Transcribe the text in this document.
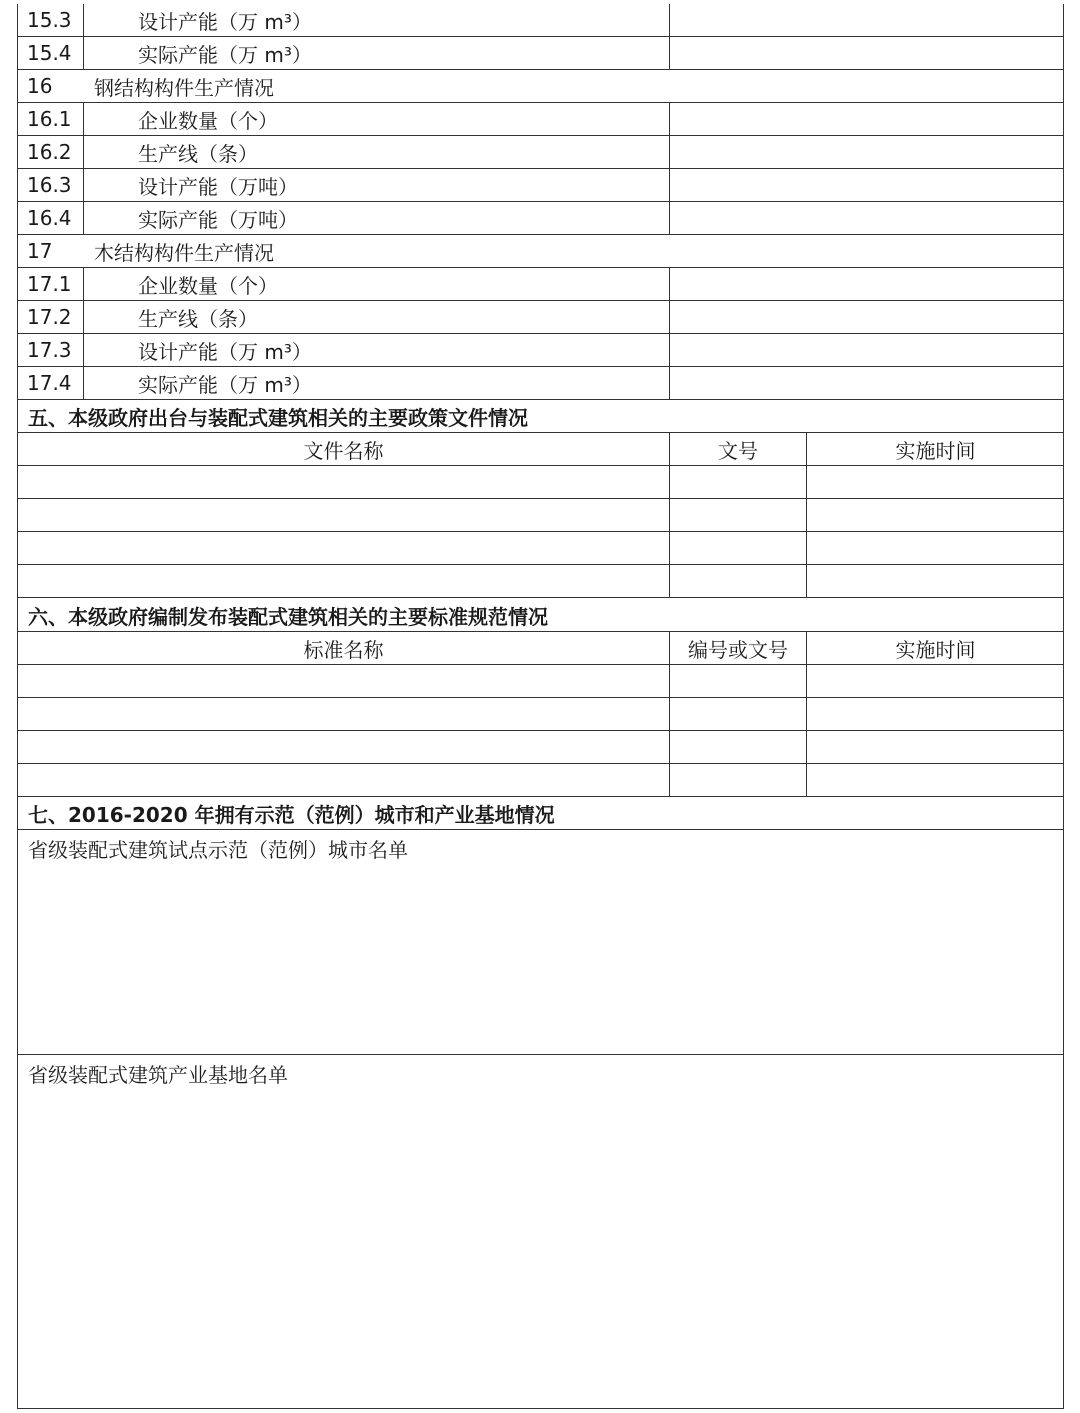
15.3	设计产能（万 m³）
15.4	实际产能（万 m³）
16	钢结构构件生产情况
16.1	企业数量（个）
16.2	生产线（条）
16.3	设计产能（万吨）
16.4	实际产能（万吨）
17	木结构构件生产情况
17.1	企业数量（个）
17.2	生产线（条）
17.3	设计产能（万 m³）
17.4	实际产能（万 m³）
五、本级政府出台与装配式建筑相关的主要政策文件情况
文件名称	文号	实施时间
六、本级政府编制发布装配式建筑相关的主要标准规范情况
标准名称	编号或文号	实施时间
七、2016-2020 年拥有示范（范例）城市和产业基地情况
省级装配式建筑试点示范（范例）城市名单
省级装配式建筑产业基地名单
